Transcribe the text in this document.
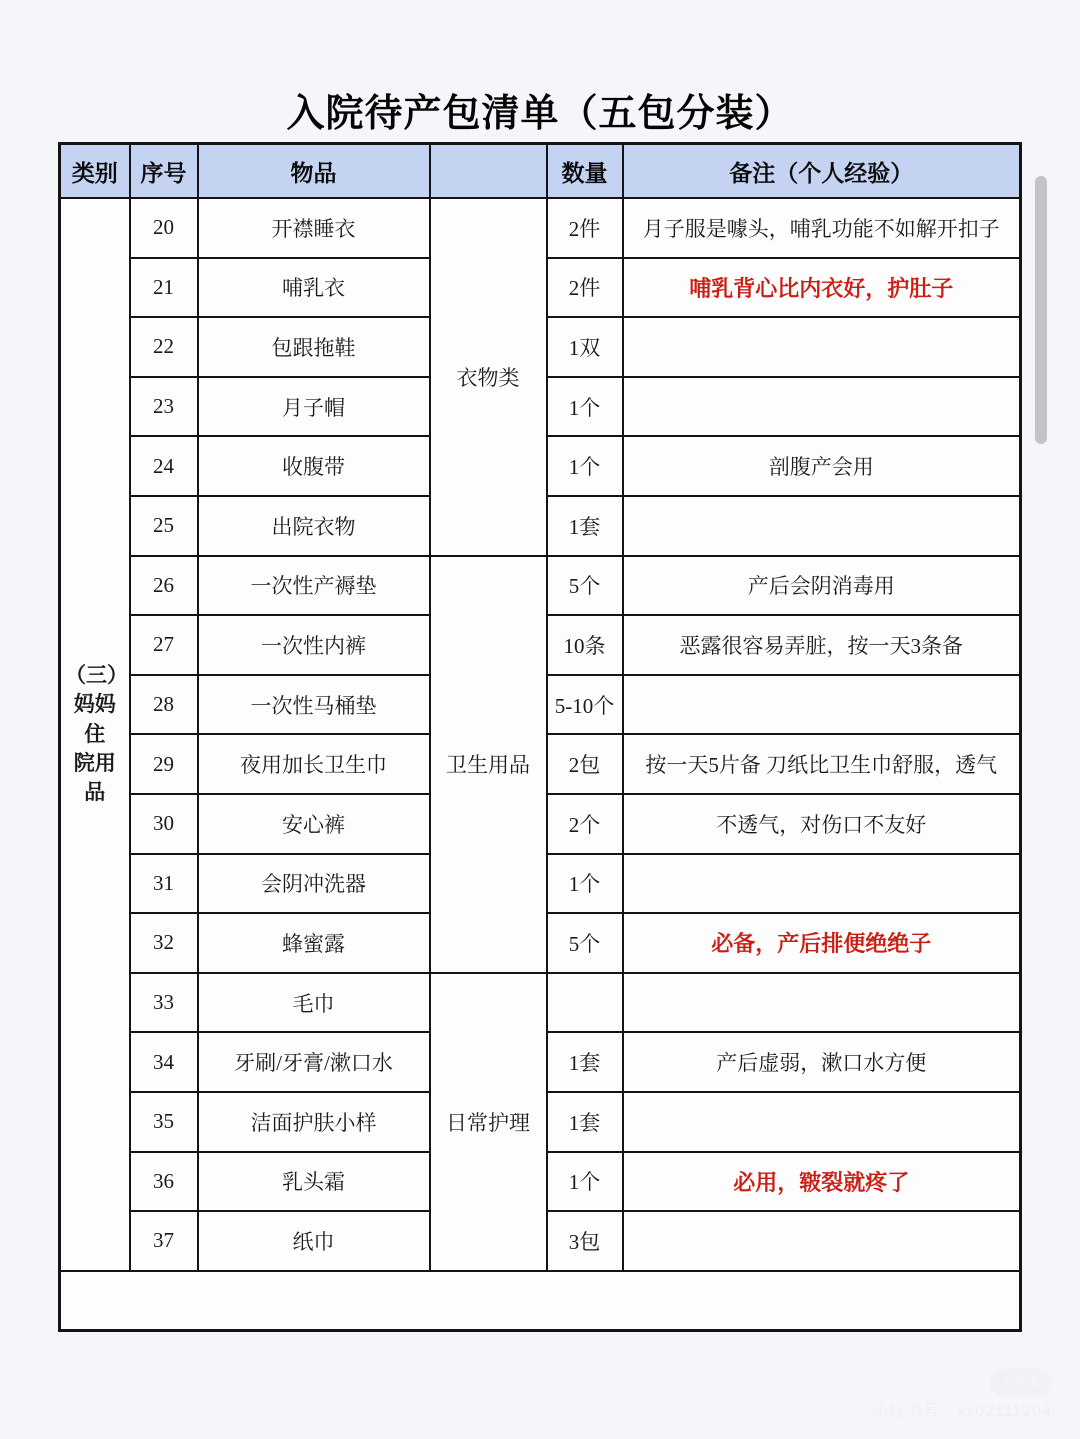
入院待产包清单（五包分装）
类别	序号	物品		数量	备注（个人经验）

（三）
妈妈住
院用品	20	开襟睡衣	衣物类	2件	月子服是噱头，哺乳功能不如解开扣子
	21	哺乳衣		2件	哺乳背心比内衣好，护肚子
	22	包跟拖鞋		1双	
	23	月子帽		1个	
	24	收腹带		1个	剖腹产会用
	25	出院衣物		1套	
	26	一次性产褥垫	卫生用品	5个	产后会阴消毒用
	27	一次性内裤		10条	恶露很容易弄脏，按一天3条备
	28	一次性马桶垫		5-10个	
	29	夜用加长卫生巾		2包	按一天5片备 刀纸比卫生巾舒服，透气
	30	安心裤		2个	不透气，对伤口不友好
	31	会阴冲洗器		1个	
	32	蜂蜜露		5个	必备，产后排便绝绝子
	33	毛巾	日常护理		
	34	牙刷/牙膏/漱口水		1套	产后虚弱，漱口水方便
	35	洁面护肤小样		1套	
	36	乳头霜		1个	必用，皲裂就疼了
	37	纸巾		3包	

小红书
小红书号：xx02111204
